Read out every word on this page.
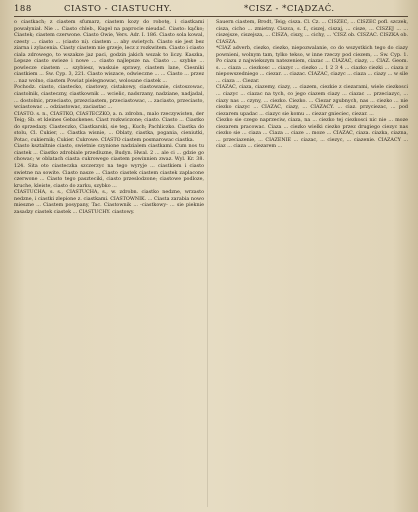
188	CIASTO - CIASTUCHY.	*CISZ - *CIĄDZAĆ.

o ciastkach; z ciastem sfumarz, ciastem kozy do robotę, i ciastkami powałyniał. Nie ... Ciasto chleb., Kugel na paprocie nieudać. Ciasto: kąćko; Ciastek; ciastem czerwone. Ciasto Owie, Vers. Adr. I. 186. Ciasto sola kowal, czesty ... ciasto ... (ciasto ni). ciastem ... aby swietych. Ciasto sie jest bez ziarna i zylacenia. Ciasty ciastem nie grzeje, lecz z rozkwitem. Ciasto i ciasto ciala zdrowego, to wszakze jaz paci, godzin jakich wszak to liczy. Kaszka, Lepsze ciasto swieze i nowe ... ciasto najlepsze na. Ciasto ... szybke ... powlecze ciastem ... szybiesz, waskuie sprawy, ciastem lane, Ciesniki ciastkiem ... Sw. Cyp. 3, 221. Ciasto wiszace, odwieczne ... ... Ciasto ... przez .. naz wolno, ciastem Powiat pielegnowac, wolosane ciastek ...

Pochodz. ciasto, ciastecko, ciastowy, cistakowy, ciastowanie, cistoszowac, ciastolnik, ciasteczny, ciastkownik ... wcielic, nadsrzany, nadziane, nadjadal, ... dostolnic, przeciasto, przezciastem, przeciastowac, ... zaciasto, przeciasto, wciastowac ... odziastowac, zaciastac ...

CIASTO. s. n., CIASTKO, CIASTECZKO, a. n. zdrobn., malo rzeczywisten, der Teig; Sb. et kleines Gebackenes. Ciast rozkwiczone; ciasto. Ciasto ... Ciastko do sprzedazy. Ciasteczko, Ciastkarski, sie teg., Kuch; Pachliczko. Ciastka do stolu, Cl. Cukier, ... Ciastka wisnie, ... Oblaty, ciastka, pogania, cieniutki, Potac, cukiernik; Cukier. Cukrowe. CIASTO ciastem posmarowac ciastka.

Ciasto ksztaltnie ciasto, swietnie czynione nadzialem ciastkami. Cum nos tu ciastek ... Ciastko zdrobiale przedluzne, Budyn. Hwal. 2 ... ale ci ... gdzie go chowac; w oblatach ciasta cukrowego ciastem powinnien zwaz. Wyl. Kr. 38. 124. Sita oto ciasteczka szczerzyc na tego wyryje ... ciastkiem i ciasto swietne na sowite. Ciasto nasze ... Ciasto ciastek ciastem ciastek zaplacone czerwone ... Ciasto tego paszteciki, ciasto przeslodzone; ciastowe podloze, kruche, kleiste, ciasto do zarku, szybko ...

CIASTUCHA, s. s., CIASTUCHA, s., w. zdrobn. ciastko nedzne, wrzasto nedzne, i ciastki zlepione z. ciastkami. CIASTOWNIK. ... Ciasta zarabia nowo mieszne ... Ciastem posypany, Tac. Ciastownik ... -ciastkowy- ... sie pieknie zasadzy ciastek ciastek ... CIASTUCHY. ciastowy.

Sauern ciastem, Brodt, Teig; cisza. Cl. Cz. ... CISZEC, ... CISZEC pofl. szczek, cisza, cicho ... zmietny. Ciszca, s. f., ciszej, ciszaj, ... cisze, ... CISZEJ ... ... ciszejsze, ciszejsza, ... CISZA, ciszy, ... cichy, ... 'CISZ ob. CISZAC. CISZKA ob. CIASZA.

*CIAZ adverb, ciezko, ciezko, niepozwalanie, co do wszystkich tego do ciazy pownieni, wolnym tam, tylko tekso, w inne rzeczy pod ciezem, ... Sw. Cyp. 1. Po ciazu z najwiekszym natezeniem, ciazac ... CIAZAC, ciazy, ... CIAZ. Geom. s. ... ciaza ... ciezkosc ... ciazyc ... ciezko ... 1 2 3 4 ... ciazko ciezki ... ciaza z niepowszedniego ... ciezar. ... ciazac. CIAZAC, ciazyc ... ciaza ... ciazy ... w sile ... ciaza ... Ciezar.

CIAZAC, ciaza, ciazemy, ciazy, ... ciazem, ciezkie z ciezarami, wiele ciezkosci ... ciazyc ... ciazac na tych, co jego ciazem ciazy ... ciazac ... przeciazyc, ... ciazy nas ... czyny, ... ciezko. Ciezko. ... Ciezar zgubnych, nas ... ciezko ... nie ciezko ciazyc ... CIAZAC, ciazy, ... CIAZACY. ... ciaz. przyciezac, ... pod ciezarem upadac ... ciazyc sie komu ... ciezar gnieciec, ciezar. ...

Ciezko sie czego naprzeciw, ciaza, na ... ciezko tej ciezkosci nic nie ... moze ciezarem pracowac. Ciaza ... ciezko wielki ciezko przez drugiego ciezyc nas ciezko sie ... ciaza ... Ciaza ... ciaze ... moze ... CIAZAC, ciaza. ciazka, ciazna, ... przeciazenie, ... CIAZENIE ... ciazac, ... ciezyc, ... ciazenie. CIAZACY ... ciaz ... ciaza ... ciezarem ...
